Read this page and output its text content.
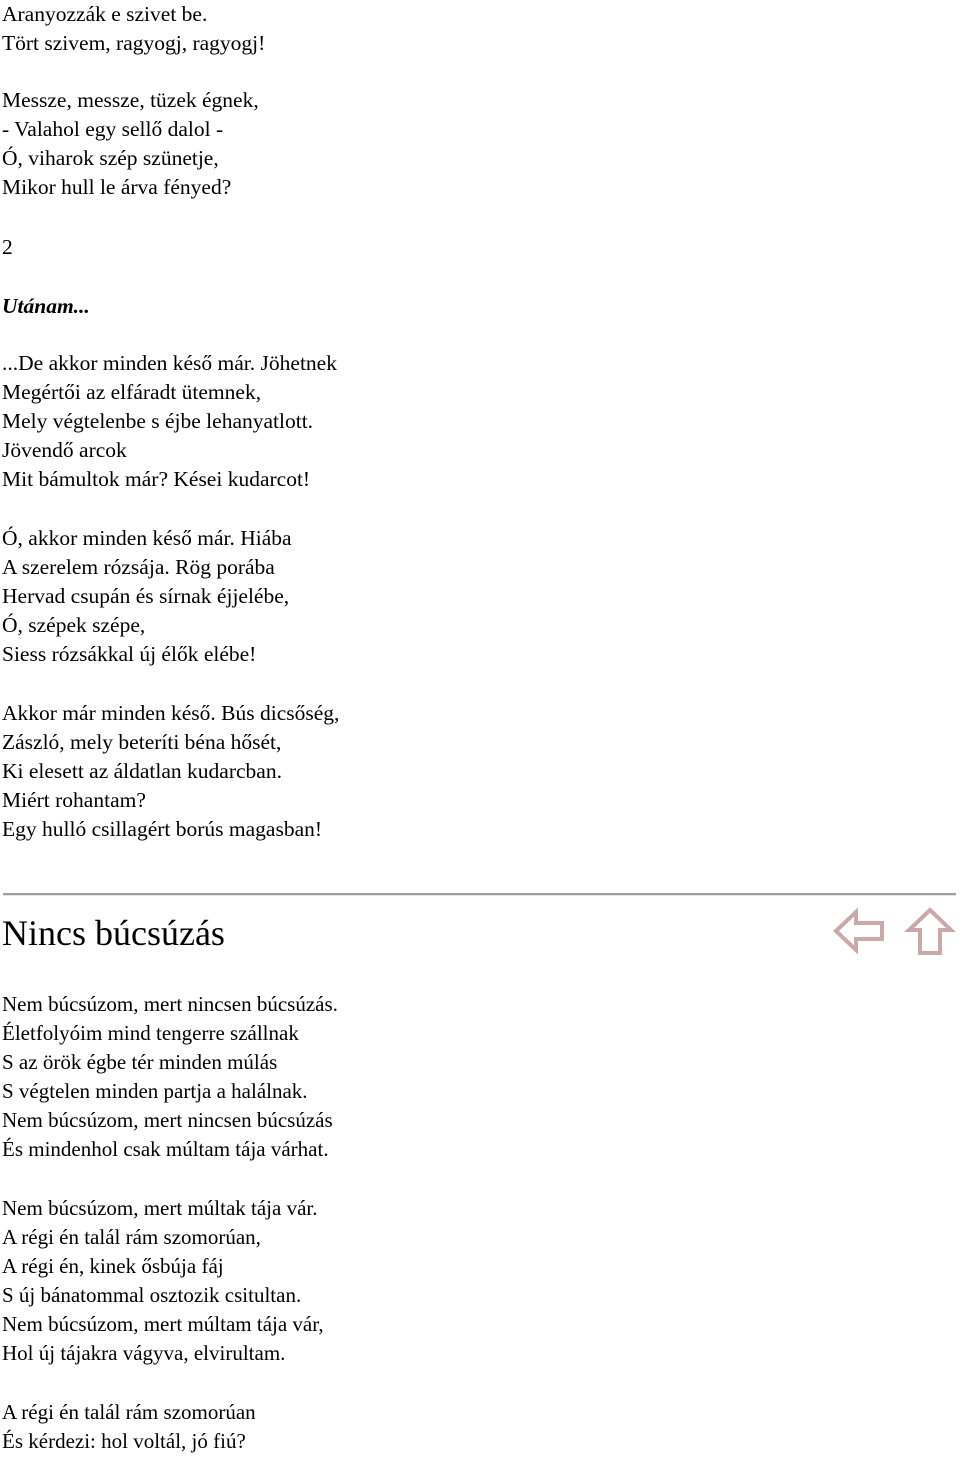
Aranyozzák e szivet be.
Tört szivem, ragyogj, ragyogj!
Messze, messze, tüzek égnek,
- Valahol egy sellő dalol -
Ó, viharok szép szünetje,
Mikor hull le árva fényed?
2
Utánam...
...De akkor minden késő már. Jöhetnek
Megértői az elfáradt ütemnek,
Mely végtelenbe s éjbe lehanyatlott.
Jövendő arcok
Mit bámultok már? Kései kudarcot!
Ó, akkor minden késő már. Hiába
A szerelem rózsája. Rög porába
Hervad csupán és sírnak éjjelébe,
Ó, szépek szépe,
Siess rózsákkal új élők elébe!
Akkor már minden késő. Bús dicsőség,
Zászló, mely beteríti béna hősét,
Ki elesett az áldatlan kudarcban.
Miért rohantam?
Egy hulló csillagért borús magasban!
Nincs búcsúzás
Nem búcsúzom, mert nincsen búcsúzás.
Életfolyóim mind tengerre szállnak
S az örök égbe tér minden múlás
S végtelen minden partja a halálnak.
Nem búcsúzom, mert nincsen búcsúzás
És mindenhol csak múltam tája várhat.
Nem búcsúzom, mert múltak tája vár.
A régi én talál rám szomorúan,
A régi én, kinek ősbúja fáj
S új bánatommal osztozik csitultan.
Nem búcsúzom, mert múltam tája vár,
Hol új tájakra vágyva, elvirultam.
A régi én talál rám szomorúan
És kérdezi: hol voltál, jó fiú?
